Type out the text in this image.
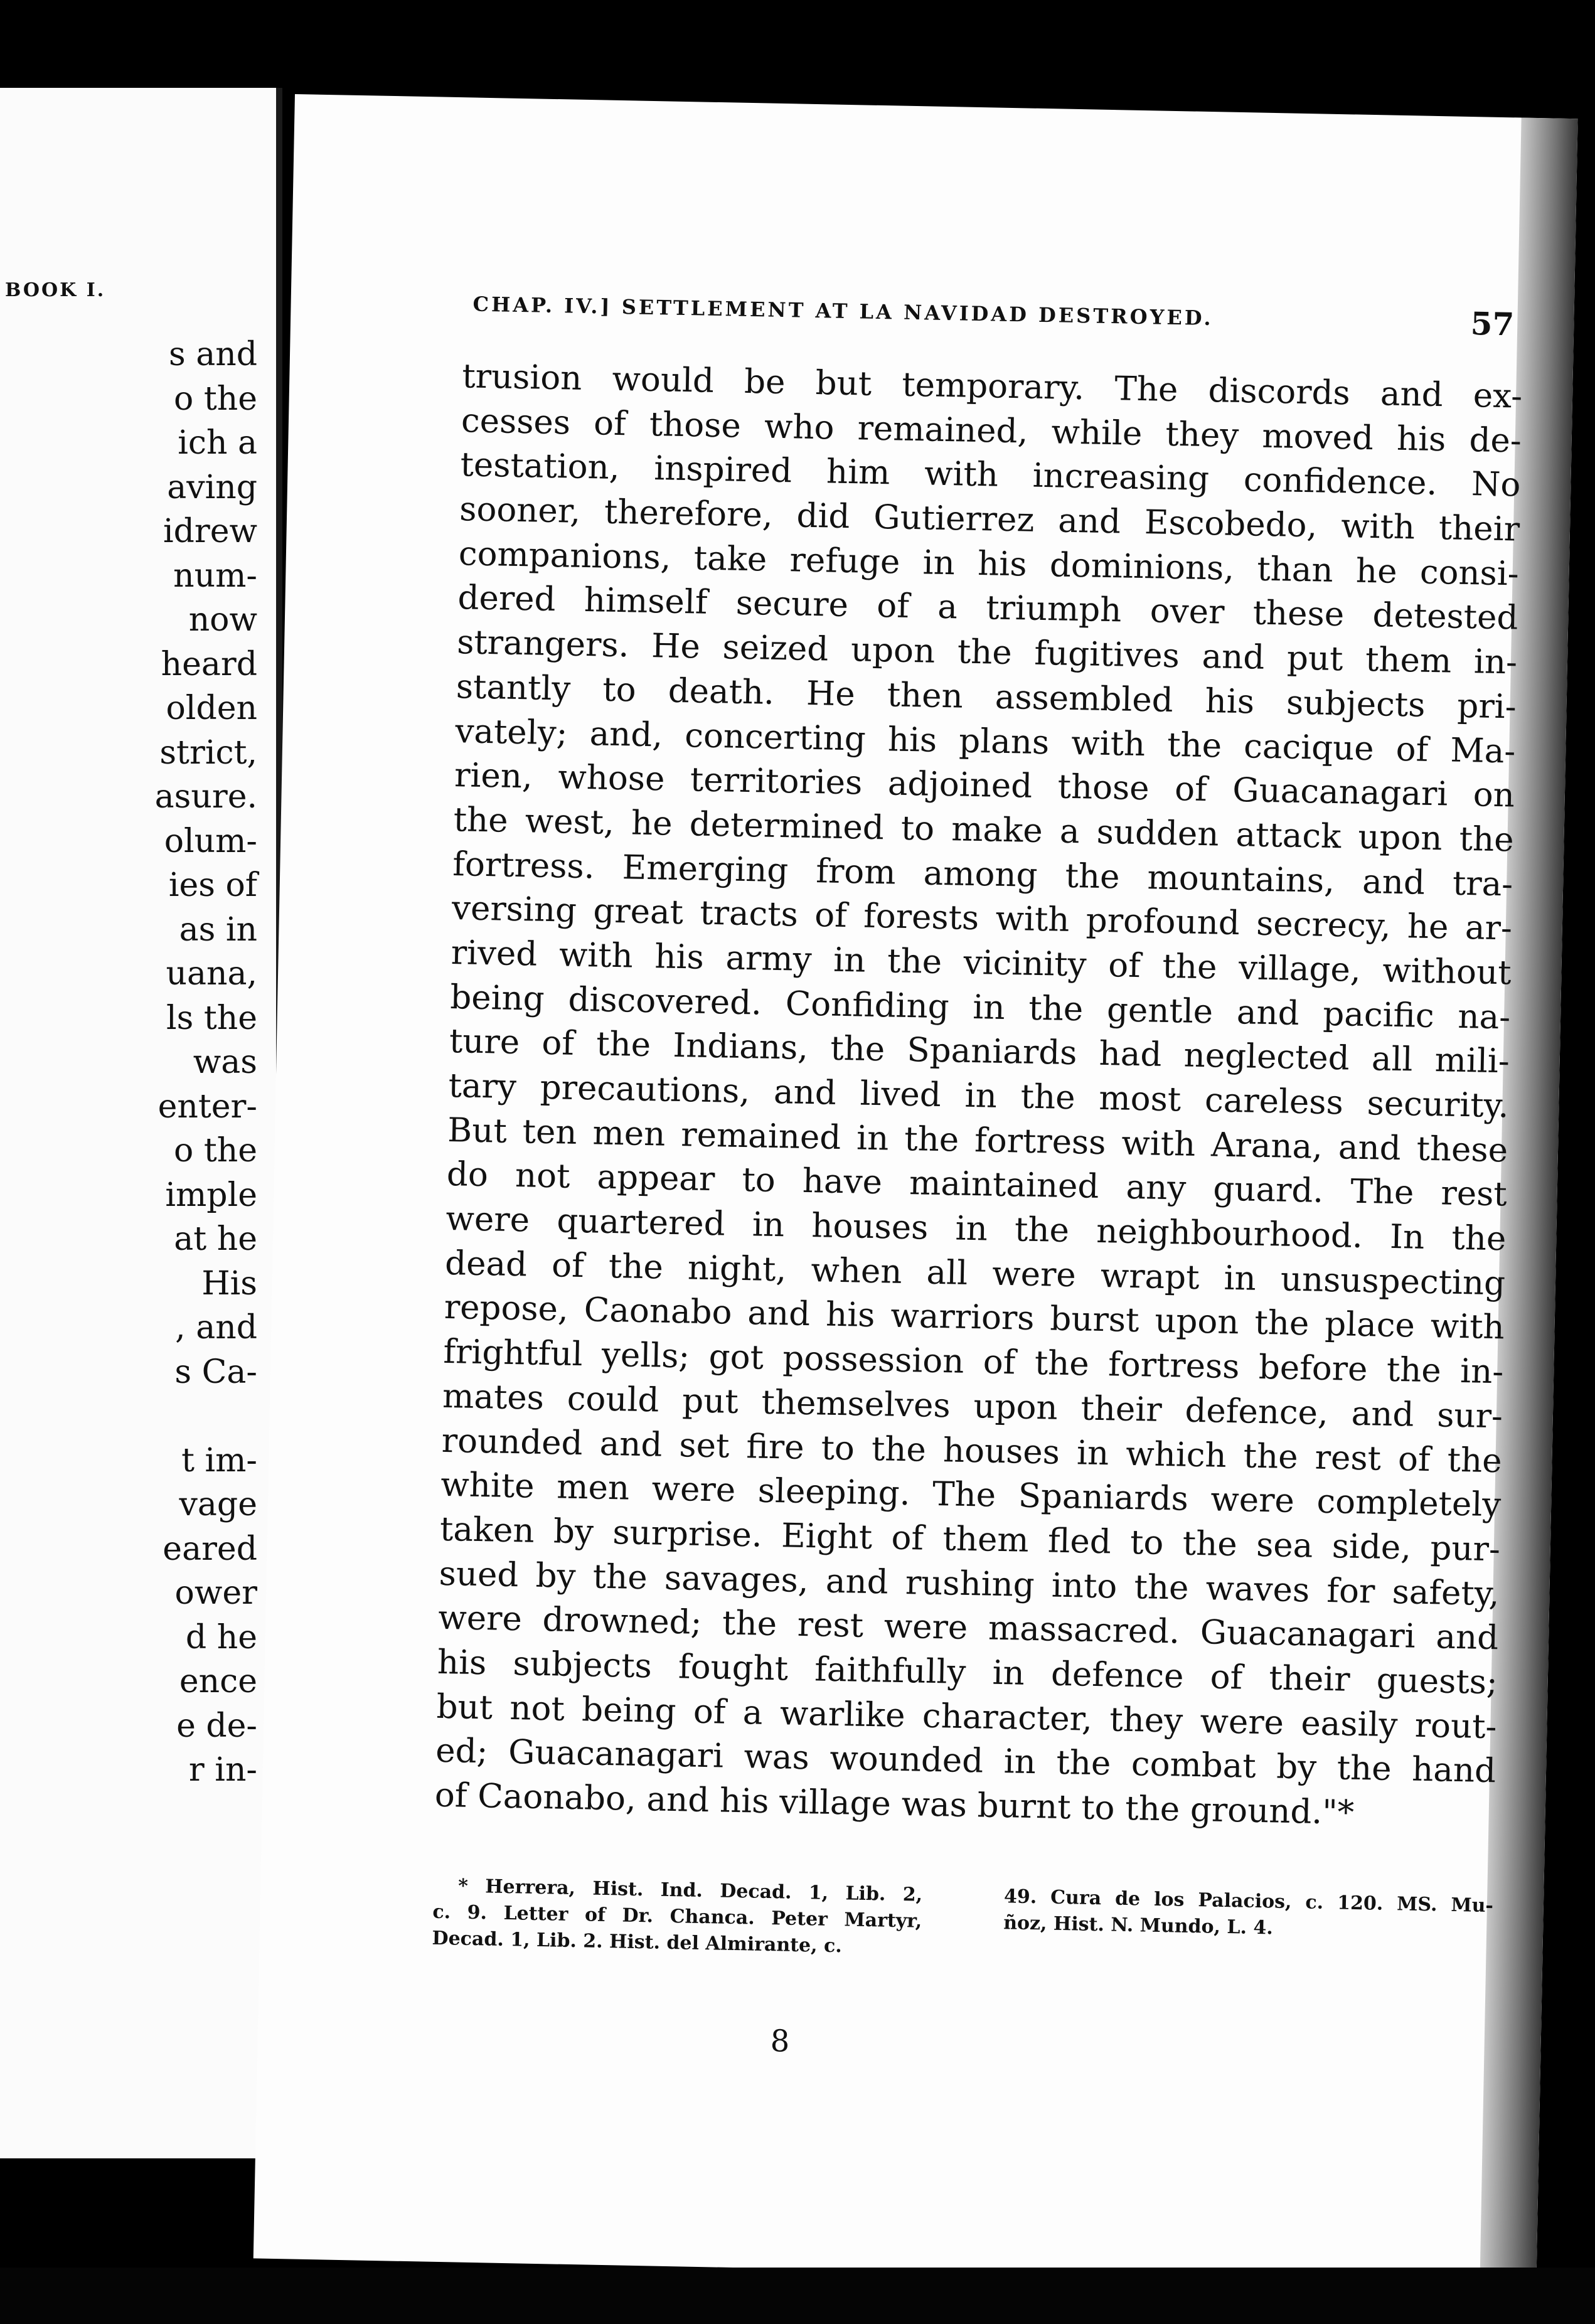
BOOK I.
s and
o the
ich a
aving
idrew
num-
now
heard
olden
strict,
asure.
olum-
ies of
as in
uana,
ls the
was
enter-
o the
imple
at he
His
, and
s Ca-
t im-
vage
eared
ower
d he
ence
e de-
r in-
CHAP. IV.] SETTLEMENT AT LA NAVIDAD DESTROYED.	57
trusion would be but temporary. The discords and ex-
cesses of those who remained, while they moved his de-
testation, inspired him with increasing confidence. No
sooner, therefore, did Gutierrez and Escobedo, with their
companions, take refuge in his dominions, than he consi-
dered himself secure of a triumph over these detested
strangers. He seized upon the fugitives and put them in-
stantly to death. He then assembled his subjects pri-
vately; and, concerting his plans with the cacique of Ma-
rien, whose territories adjoined those of Guacanagari on
the west, he determined to make a sudden attack upon the
fortress. Emerging from among the mountains, and tra-
versing great tracts of forests with profound secrecy, he ar-
rived with his army in the vicinity of the village, without
being discovered. Confiding in the gentle and pacific na-
ture of the Indians, the Spaniards had neglected all mili-
tary precautions, and lived in the most careless security.
But ten men remained in the fortress with Arana, and these
do not appear to have maintained any guard. The rest
were quartered in houses in the neighbourhood. In the
dead of the night, when all were wrapt in unsuspecting
repose, Caonabo and his warriors burst upon the place with
frightful yells; got possession of the fortress before the in-
mates could put themselves upon their defence, and sur-
rounded and set fire to the houses in which the rest of the
white men were sleeping. The Spaniards were completely
taken by surprise. Eight of them fled to the sea side, pur-
sued by the savages, and rushing into the waves for safety,
were drowned; the rest were massacred. Guacanagari and
his subjects fought faithfully in defence of their guests;
but not being of a warlike character, they were easily rout-
ed; Guacanagari was wounded in the combat by the hand
of Caonabo, and his village was burnt to the ground."*
* Herrera, Hist. Ind. Decad. 1, Lib. 2,
c. 9. Letter of Dr. Chanca. Peter Martyr,
Decad. 1, Lib. 2. Hist. del Almirante, c.
49. Cura de los Palacios, c. 120. MS. Mu-
ñoz, Hist. N. Mundo, L. 4.
8
